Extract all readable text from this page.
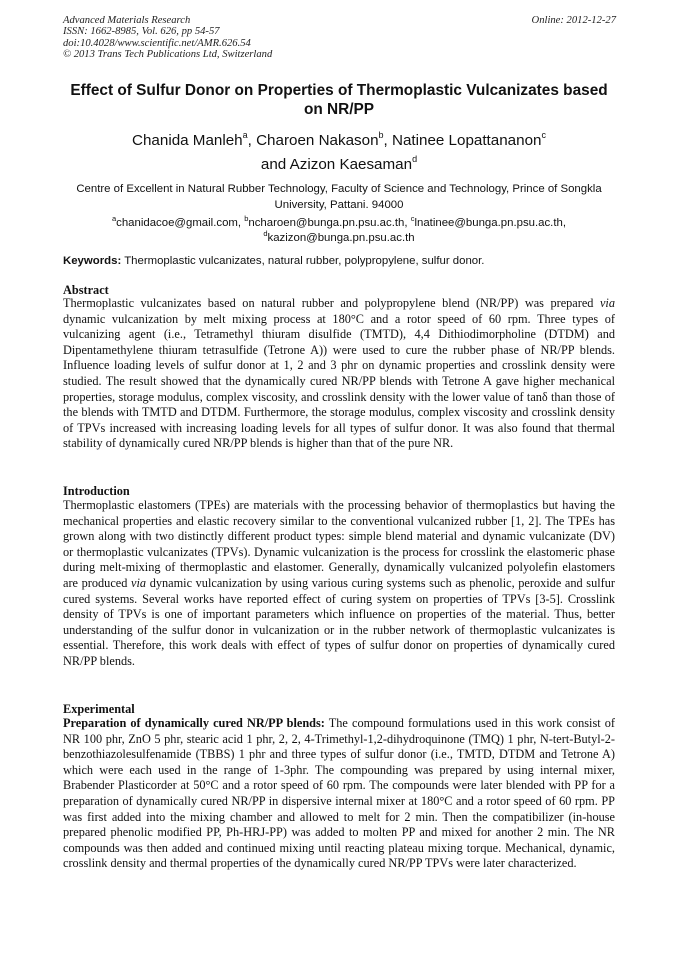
Advanced Materials Research
ISSN: 1662-8985, Vol. 626, pp 54-57
doi:10.4028/www.scientific.net/AMR.626.54
© 2013 Trans Tech Publications Ltd, Switzerland
Online: 2012-12-27
Effect of Sulfur Donor on Properties of Thermoplastic Vulcanizates based on NR/PP
Chanida Manleh$^a$, Charoen Nakason$^b$, Natinee Lopattananon$^c$
and Azizon Kaesaman$^d$
Centre of Excellent in Natural Rubber Technology, Faculty of Science and Technology, Prince of Songkla University, Pattani. 94000
$^a$chanidacoe@gmail.com, $^b$ncharoen@bunga.pn.psu.ac.th, $^c$lnatinee@bunga.pn.psu.ac.th,
$^d$kazizon@bunga.pn.psu.ac.th
Keywords: Thermoplastic vulcanizates, natural rubber, polypropylene, sulfur donor.
Abstract
Thermoplastic vulcanizates based on natural rubber and polypropylene blend (NR/PP) was prepared via dynamic vulcanization by melt mixing process at 180°C and a rotor speed of 60 rpm. Three types of vulcanizing agent (i.e., Tetramethyl thiuram disulfide (TMTD), 4,4 Dithiodimorpholine (DTDM) and Dipentamethylene thiuram tetrasulfide (Tetrone A)) were used to cure the rubber phase of NR/PP blends. Influence loading levels of sulfur donor at 1, 2 and 3 phr on dynamic properties and crosslink density were studied. The result showed that the dynamically cured NR/PP blends with Tetrone A gave higher mechanical properties, storage modulus, complex viscosity, and crosslink density with the lower value of tanδ than those of the blends with TMTD and DTDM. Furthermore, the storage modulus, complex viscosity and crosslink density of TPVs increased with increasing loading levels for all types of sulfur donor. It was also found that thermal stability of dynamically cured NR/PP blends is higher than that of the pure NR.
Introduction
Thermoplastic elastomers (TPEs) are materials with the processing behavior of thermoplastics but having the mechanical properties and elastic recovery similar to the conventional vulcanized rubber [1, 2]. The TPEs has grown along with two distinctly different product types: simple blend material and dynamic vulcanizate (DV) or thermoplastic vulcanizates (TPVs). Dynamic vulcanization is the process for crosslink the elastomeric phase during melt-mixing of thermoplastic and elastomer. Generally, dynamically vulcanized polyolefin elastomers are produced via dynamic vulcanization by using various curing systems such as phenolic, peroxide and sulfur cured systems. Several works have reported effect of curing system on properties of TPVs [3-5]. Crosslink density of TPVs is one of important parameters which influence on properties of the material. Thus, better understanding of the sulfur donor in vulcanization or in the rubber network of thermoplastic vulcanizates is essential. Therefore, this work deals with effect of types of sulfur donor on properties of dynamically cured NR/PP blends.
Experimental
Preparation of dynamically cured NR/PP blends: The compound formulations used in this work consist of NR 100 phr, ZnO 5 phr, stearic acid 1 phr, 2, 2, 4-Trimethyl-1,2-dihydroquinone (TMQ) 1 phr, N-tert-Butyl-2-benzothiazolesulfenamide (TBBS) 1 phr and three types of sulfur donor (i.e., TMTD, DTDM and Tetrone A) which were each used in the range of 1-3phr. The compounding was prepared by using internal mixer, Brabender Plasticorder at 50°C and a rotor speed of 60 rpm. The compounds were later blended with PP for a preparation of dynamically cured NR/PP in dispersive internal mixer at 180°C and a rotor speed of 60 rpm. PP was first added into the mixing chamber and allowed to melt for 2 min. Then the compatibilizer (in-house prepared phenolic modified PP, Ph-HRJ-PP) was added to molten PP and mixed for another 2 min. The NR compounds was then added and continued mixing until reacting plateau mixing torque. Mechanical, dynamic, crosslink density and thermal properties of the dynamically cured NR/PP TPVs were later characterized.
